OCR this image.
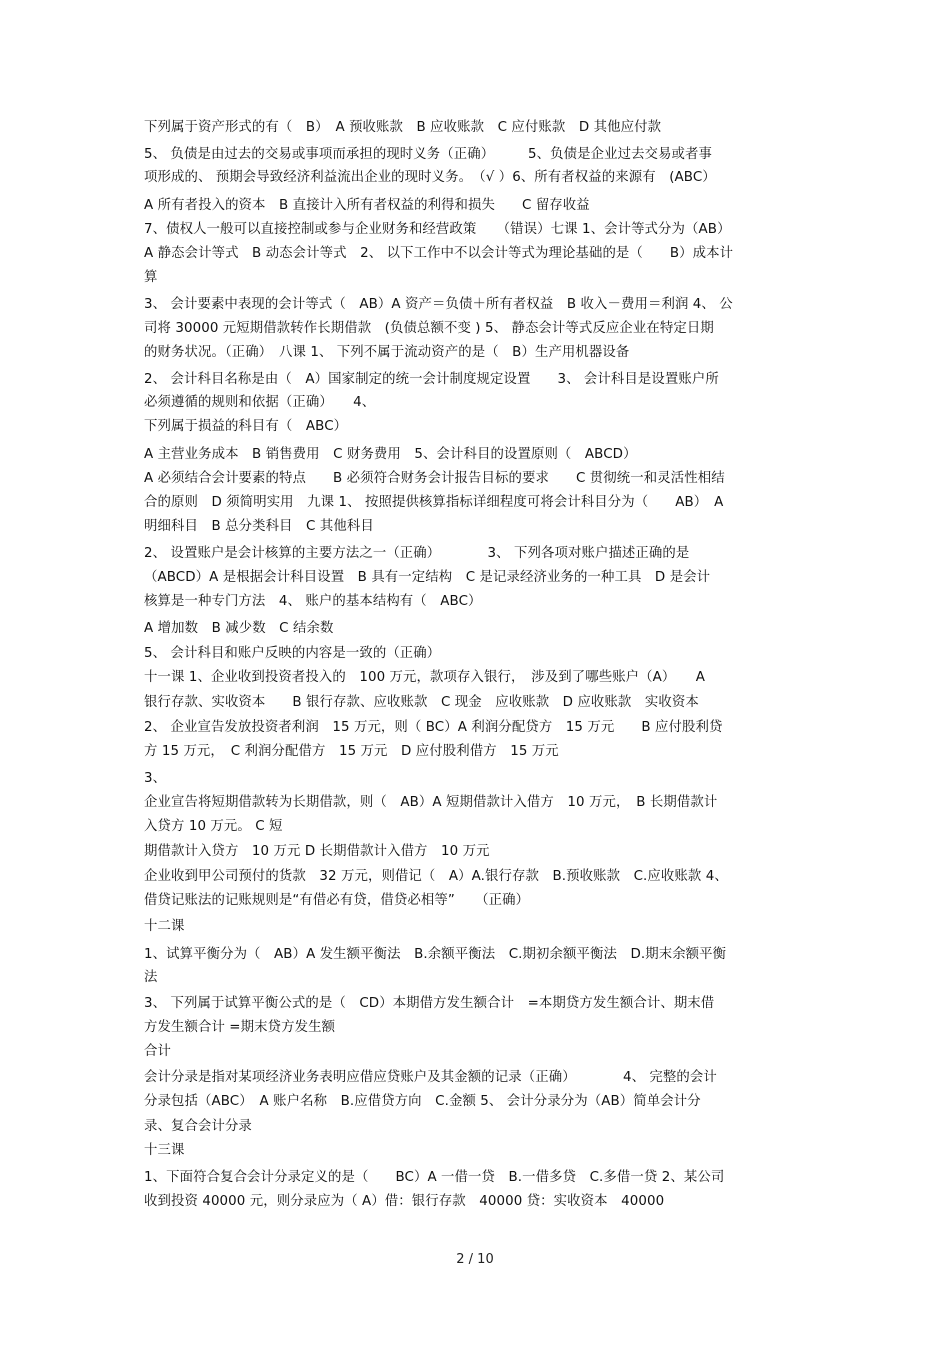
下列属于资产形式的有（　B）　A 预收账款　B 应收账款　C 应付账款　D 其他应付款
5、 负债是由过去的交易或事项而承担的现时义务（正确）　　　5、负债是企业过去交易或者事
项形成的、 预期会导致经济利益流出企业的现时义务。　（√ ）6、所有者权益的来源有　(ABC）
A 所有者投入的资本　B 直接计入所有者权益的利得和损失　　C 留存收益
7、债权人一般可以直接控制或参与企业财务和经营政策　　（错误）七课 1、会计等式分为（AB）
A 静态会计等式　B 动态会计等式　2、 以下工作中不以会计等式为理论基础的是（　　B）成本计
算
3、 会计要素中表现的会计等式（　AB）A 资产＝负债＋所有者权益　B 收入－费用＝利润 4、 公
司将 30000 元短期借款转作长期借款　(负债总额不变 ) 5、 静态会计等式反应企业在特定日期
的财务状况。（正确）　八课 1、 下列不属于流动资产的是（　B）生产用机器设备
2、 会计科目名称是由（　A）国家制定的统一会计制度规定设置　　3、 会计科目是设置账户所
必须遵循的规则和依据（正确）　　4、
下列属于损益的科目有（　ABC）
A 主营业务成本　B 销售费用　C 财务费用　5、会计科目的设置原则（　ABCD）
A 必须结合会计要素的特点　　B 必须符合财务会计报告目标的要求　　C 贯彻统一和灵活性相结
合的原则　D 须简明实用　九课 1、 按照提供核算指标详细程度可将会计科目分为（　　AB）　A
明细科目　B 总分类科目　C 其他科目
2、 设置账户是会计核算的主要方法之一（正确）　　　　3、 下列各项对账户描述正确的是
（ABCD）A 是根据会计科目设置　B 具有一定结构　C 是记录经济业务的一种工具　D 是会计
核算是一种专门方法　4、 账户的基本结构有（　ABC）
A 增加数　B 减少数　C 结余数
5、 会计科目和账户反映的内容是一致的（正确）
十一课 1、企业收到投资者投入的　100 万元，款项存入银行，　涉及到了哪些账户（A）　　A
银行存款、实收资本　　B 银行存款、应收账款　C 现金　应收账款　D 应收账款　实收资本
2、 企业宣告发放投资者利润　15 万元，则（ BC）A 利润分配贷方　15 万元　　B 应付股利贷
方 15 万元，　C 利润分配借方　15 万元　D 应付股利借方　15 万元
3、
企业宣告将短期借款转为长期借款，则（　AB）A 短期借款计入借方　10 万元，　B 长期借款计
入贷方 10 万元。 C 短
期借款计入贷方　10 万元 D 长期借款计入借方　10 万元
企业收到甲公司预付的货款　32 万元，则借记（　A）A.银行存款　B.预收账款　C.应收账款 4、
借贷记账法的记账规则是“有借必有贷，借贷必相等”　　（正确）
十二课
1、试算平衡分为（　AB）A 发生额平衡法　B.余额平衡法　C.期初余额平衡法　D.期末余额平衡
法
3、 下列属于试算平衡公式的是（　CD）本期借方发生额合计　=本期贷方发生额合计、期末借
方发生额合计 =期末贷方发生额
合计
会计分录是指对某项经济业务表明应借应贷账户及其金额的记录（正确）　　　　4、 完整的会计
分录包括（ABC）　A 账户名称　B.应借贷方向　C.金额 5、 会计分录分为（AB）简单会计分
录、复合会计分录
十三课
1、下面符合复合会计分录定义的是（　　BC）A 一借一贷　B.一借多贷　C.多借一贷 2、某公司
收到投资 40000 元，则分录应为（ A）借：银行存款　40000 贷：实收资本　40000
2 / 10
